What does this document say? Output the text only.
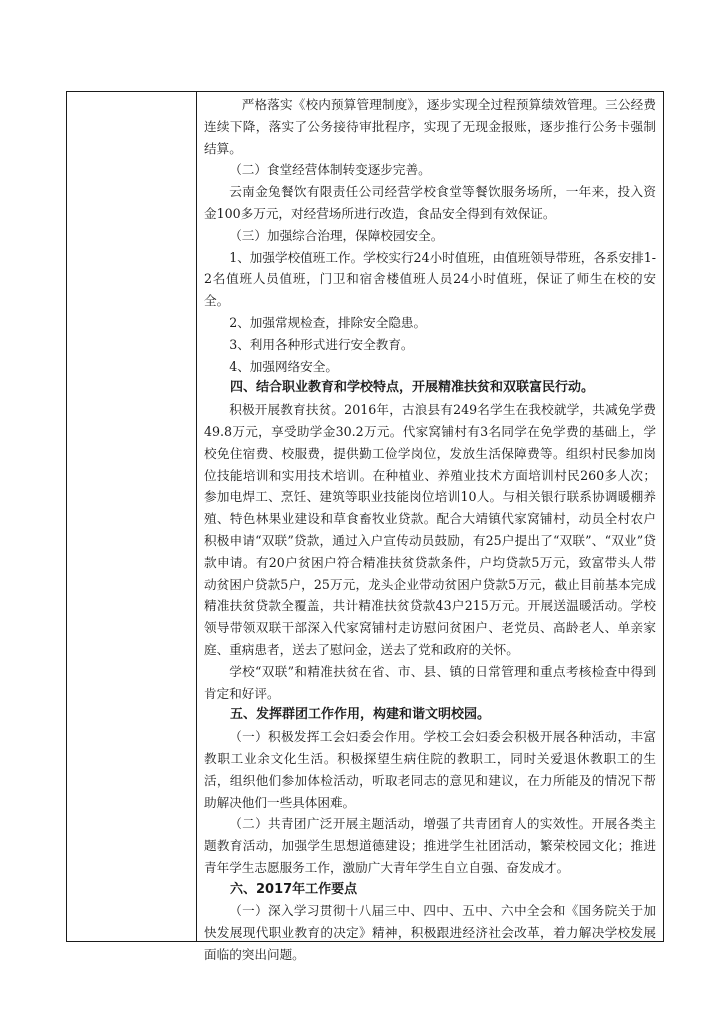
严格落实《校内预算管理制度》，逐步实现全过程预算绩效管理。三公经费连续下降，落实了公务接待审批程序，实现了无现金报账，逐步推行公务卡强制结算。

（二）食堂经营体制转变逐步完善。

云南金兔餐饮有限责任公司经营学校食堂等餐饮服务场所，一年来，投入资金100多万元，对经营场所进行改造，食品安全得到有效保证。

（三）加强综合治理，保障校园安全。

1、加强学校值班工作。学校实行24小时值班，由值班领导带班，各系安排1-2名值班人员值班，门卫和宿舍楼值班人员24小时值班，保证了师生在校的安全。

2、加强常规检查，排除安全隐患。

3、利用各种形式进行安全教育。

4、加强网络安全。

四、结合职业教育和学校特点，开展精准扶贫和双联富民行动。

积极开展教育扶贫。2016年，古浪县有249名学生在我校就学，共减免学费49.8万元，享受助学金30.2万元。代家窝铺村有3名同学在免学费的基础上，学校免住宿费、校服费，提供勤工俭学岗位，发放生活保障费等。组织村民参加岗位技能培训和实用技术培训。在种植业、养殖业技术方面培训村民260多人次；参加电焊工、烹饪、建筑等职业技能岗位培训10人。与相关银行联系协调暖棚养殖、特色林果业建设和草食畜牧业贷款。配合大靖镇代家窝铺村，动员全村农户积极申请“双联”贷款，通过入户宣传动员鼓励，有25户提出了“双联”、“双业”贷款申请。有20户贫困户符合精准扶贫贷款条件，户均贷款5万元，致富带头人带动贫困户贷款5户，25万元，龙头企业带动贫困户贷款5万元，截止目前基本完成精准扶贫贷款全覆盖，共计精准扶贫贷款43户215万元。开展送温暖活动。学校领导带领双联干部深入代家窝铺村走访慰问贫困户、老党员、高龄老人、单亲家庭、重病患者，送去了慰问金，送去了党和政府的关怀。

学校“双联”和精准扶贫在省、市、县、镇的日常管理和重点考核检查中得到肯定和好评。

五、发挥群团工作作用，构建和谐文明校园。

（一）积极发挥工会妇委会作用。学校工会妇委会积极开展各种活动，丰富教职工业余文化生活。积极探望生病住院的教职工，同时关爱退休教职工的生活，组织他们参加体检活动，听取老同志的意见和建议，在力所能及的情况下帮助解决他们一些具体困难。

（二）共青团广泛开展主题活动，增强了共青团育人的实效性。开展各类主题教育活动，加强学生思想道德建设；推进学生社团活动，繁荣校园文化；推进青年学生志愿服务工作，激励广大青年学生自立自强、奋发成才。

六、2017年工作要点

（一）深入学习贯彻十八届三中、四中、五中、六中全会和《国务院关于加快发展现代职业教育的决定》精神，积极跟进经济社会改革，着力解决学校发展面临的突出问题。
